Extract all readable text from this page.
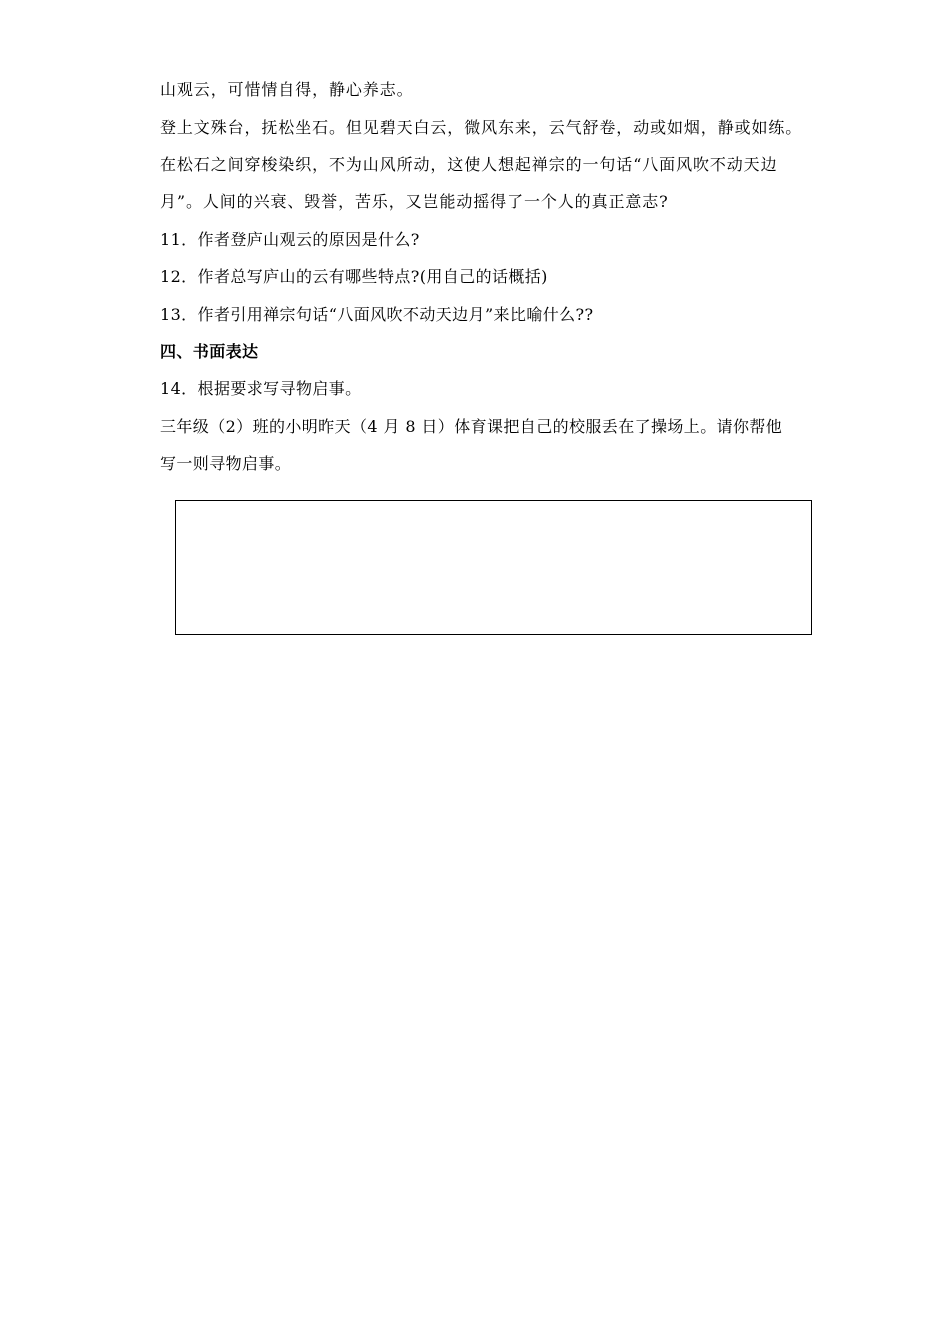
山观云，可惜情自得，静心养志。
登上文殊台，抚松坐石。但见碧天白云，微风东来，云气舒卷，动或如烟，静或如练。
在松石之间穿梭染织，不为山风所动，这使人想起禅宗的一句话“八面风吹不动天边
月”。人间的兴衰、毁誉，苦乐，又岂能动摇得了一个人的真正意志?
11．作者登庐山观云的原因是什么?
12．作者总写庐山的云有哪些特点?(用自己的话概括)
13．作者引用禅宗句话“八面风吹不动天边月”来比喻什么??
四、书面表达
14．根据要求写寻物启事。
三年级（2）班的小明昨天（4 月 8 日）体育课把自己的校服丢在了操场上。请你帮他
写一则寻物启事。
